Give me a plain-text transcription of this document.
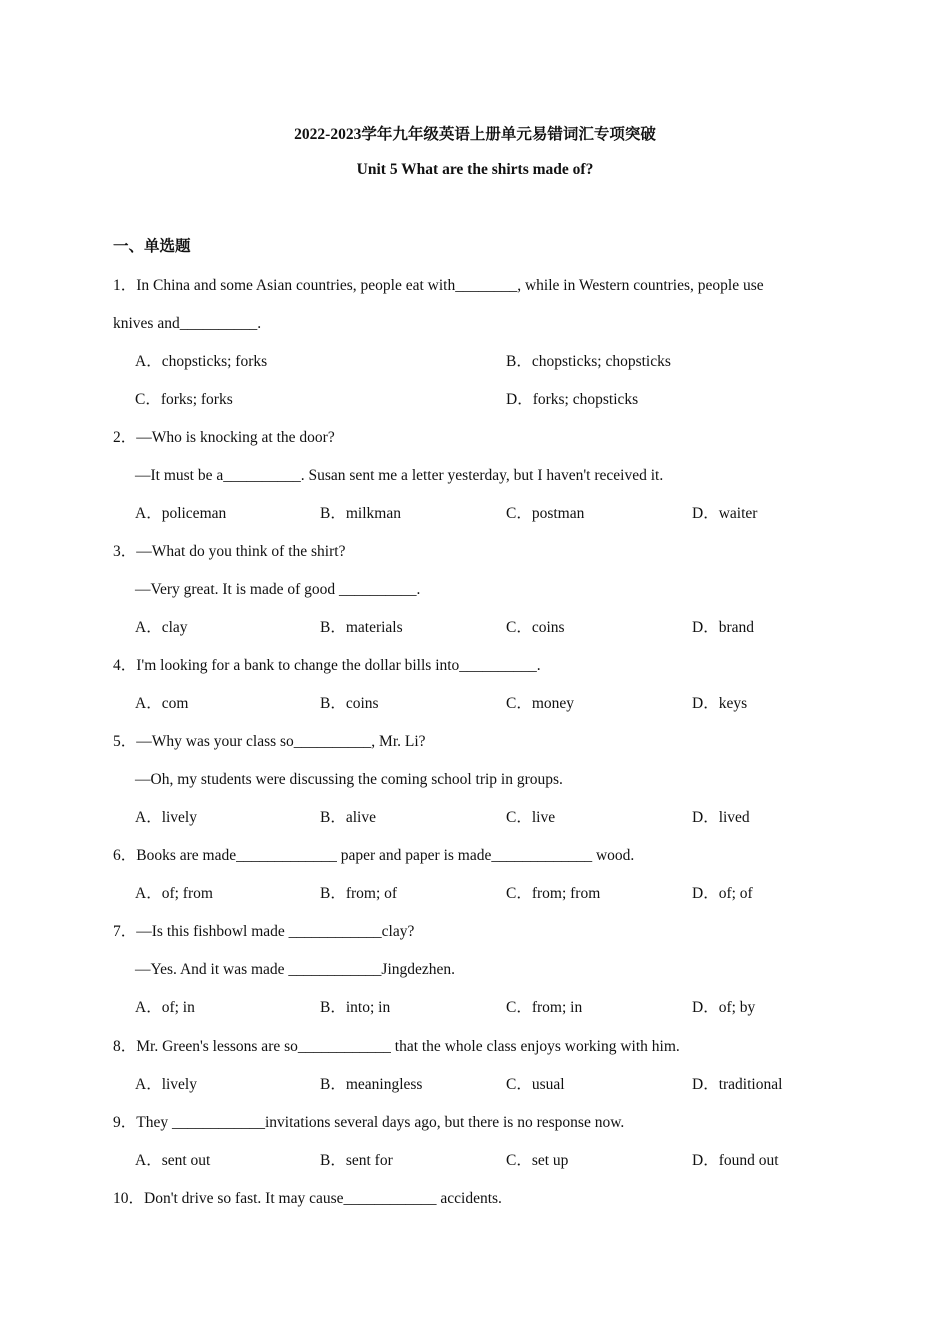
2022-2023学年九年级英语上册单元易错词汇专项突破
Unit 5 What are the shirts made of?
一、单选题
1．In China and some Asian countries, people eat with________, while in Western countries, people use
knives and__________.
A．chopsticks; forks	B．chopsticks; chopsticks
C．forks; forks	D．forks; chopsticks
2．—Who is knocking at the door?
—It must be a__________. Susan sent me a letter yesterday, but I haven't received it.
A．policeman	B．milkman	C．postman	D．waiter
3．—What do you think of the shirt?
—Very great. It is made of good __________.
A．clay	B．materials	C．coins	D．brand
4．I'm looking for a bank to change the dollar bills into__________.
A．com	B．coins	C．money	D．keys
5．—Why was your class so__________, Mr. Li?
—Oh, my students were discussing the coming school trip in groups.
A．lively	B．alive	C．live	D．lived
6．Books are made_____________ paper and paper is made_____________ wood.
A．of; from	B．from; of	C．from; from	D．of; of
7．—Is this fishbowl made ____________clay?
—Yes. And it was made ____________Jingdezhen.
A．of; in	B．into; in	C．from; in	D．of; by
8．Mr. Green's lessons are so____________ that the whole class enjoys working with him.
A．lively	B．meaningless	C．usual	D．traditional
9．They ____________invitations several days ago, but there is no response now.
A．sent out	B．sent for	C．set up	D．found out
10．Don't drive so fast. It may cause____________ accidents.
